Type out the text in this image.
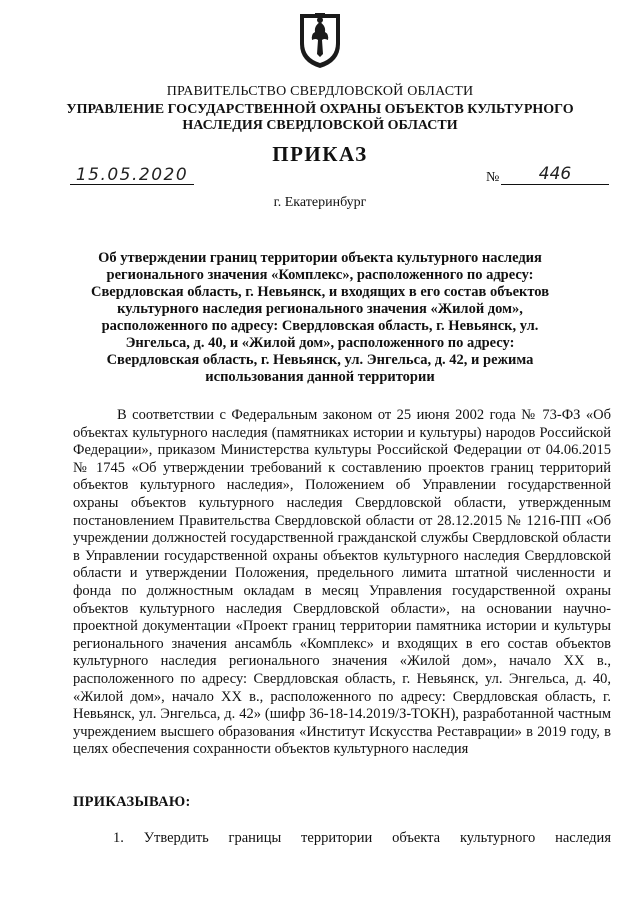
ПРАВИТЕЛЬСТВО СВЕРДЛОВСКОЙ ОБЛАСТИ
УПРАВЛЕНИЕ ГОСУДАРСТВЕННОЙ ОХРАНЫ ОБЪЕКТОВ КУЛЬТУРНОГО НАСЛЕДИЯ СВЕРДЛОВСКОЙ ОБЛАСТИ
ПРИКАЗ
15.05.2020	№	446
г. Екатеринбург
Об утверждении границ территории объекта культурного наследия регионального значения «Комплекс», расположенного по адресу: Свердловская область, г. Невьянск, и входящих в его состав объектов культурного наследия регионального значения «Жилой дом», расположенного по адресу: Свердловская область, г. Невьянск, ул. Энгельса, д. 40, и «Жилой дом», расположенного по адресу: Свердловская область, г. Невьянск, ул. Энгельса, д. 42, и режима использования данной территории
В соответствии с Федеральным законом от 25 июня 2002 года № 73-ФЗ «Об объектах культурного наследия (памятниках истории и культуры) народов Российской Федерации», приказом Министерства культуры Российской Федерации от 04.06.2015 № 1745 «Об утверждении требований к составлению проектов границ территорий объектов культурного наследия», Положением об Управлении государственной охраны объектов культурного наследия Свердловской области, утвержденным постановлением Правительства Свердловской области от 28.12.2015 № 1216-ПП «Об учреждении должностей государственной гражданской службы Свердловской области в Управлении государственной охраны объектов культурного наследия Свердловской области и утверждении Положения, предельного лимита штатной численности и фонда по должностным окладам в месяц Управления государственной охраны объектов культурного наследия Свердловской области», на основании научно-проектной документации «Проект границ территории памятника истории и культуры регионального значения ансамбль «Комплекс» и входящих в его состав объектов культурного наследия регионального значения «Жилой дом», начало XX в., расположенного по адресу: Свердловская область, г. Невьянск, ул. Энгельса, д. 40, «Жилой дом», начало XX в., расположенного по адресу: Свердловская область, г. Невьянск, ул. Энгельса, д. 42» (шифр 36-18-14.2019/З-ТОКН), разработанной частным учреждением высшего образования «Институт Искусства Реставрации» в 2019 году, в целях обеспечения сохранности объектов культурного наследия
ПРИКАЗЫВАЮ:
1. Утвердить границы территории объекта культурного наследия
